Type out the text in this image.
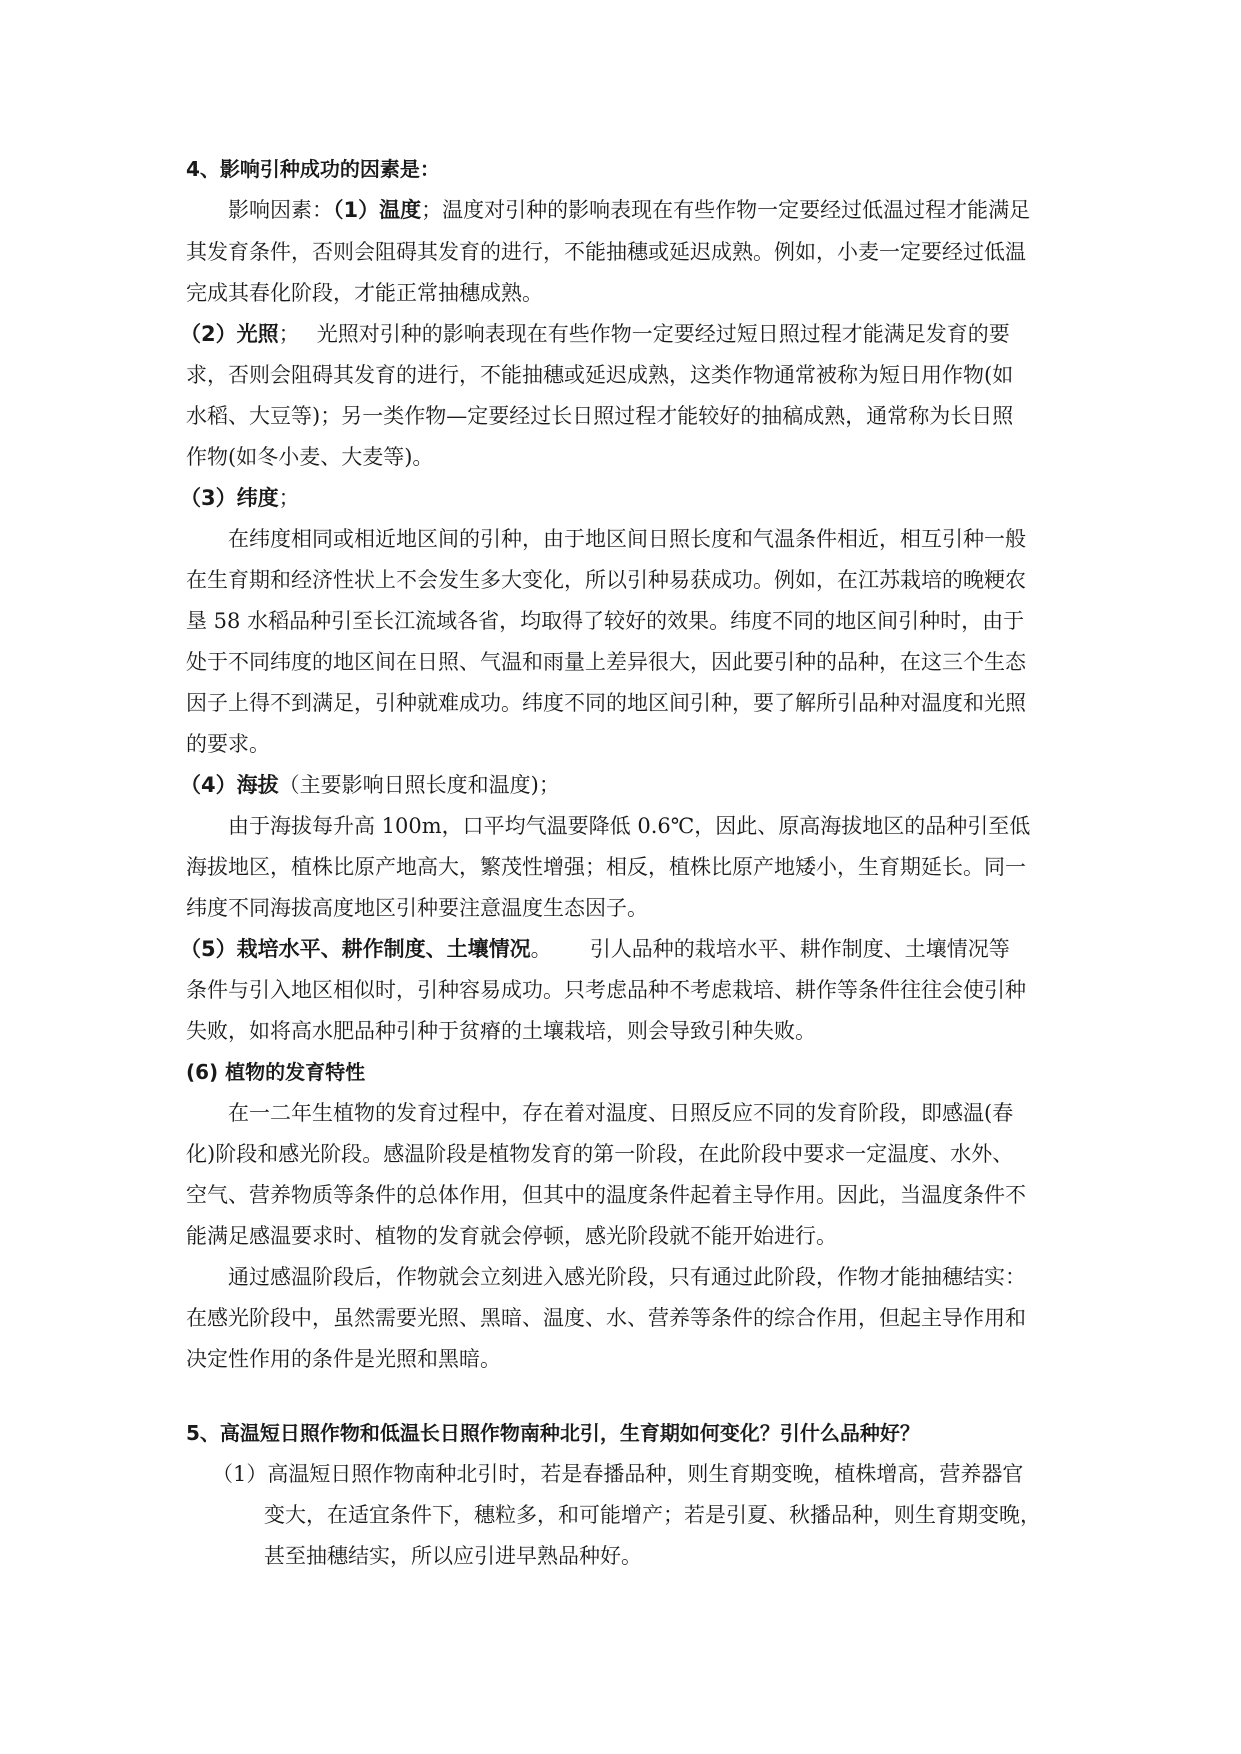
4、影响引种成功的因素是：
影响因素：（1）温度；温度对引种的影响表现在有些作物一定要经过低温过程才能满足
其发育条件，否则会阻碍其发育的进行，不能抽穗或延迟成熟。例如，小麦一定要经过低温
完成其春化阶段，才能正常抽穗成熟。
（2）光照；　 光照对引种的影响表现在有些作物一定要经过短日照过程才能满足发育的要
求，否则会阻碍其发育的进行，不能抽穗或延迟成熟，这类作物通常被称为短日用作物(如
水稻、大豆等)；另一类作物—定要经过长日照过程才能较好的抽稿成熟，通常称为长日照
作物(如冬小麦、大麦等)。
（3）纬度；
在纬度相同或相近地区间的引种，由于地区间日照长度和气温条件相近，相互引种一般
在生育期和经济性状上不会发生多大变化，所以引种易获成功。例如，在江苏栽培的晚粳农
垦 58 水稻品种引至长江流域各省，均取得了较好的效果。纬度不同的地区间引种时，由于
处于不同纬度的地区间在日照、气温和雨量上差异很大，因此要引种的品种，在这三个生态
因子上得不到满足，引种就难成功。纬度不同的地区间引种，要了解所引品种对温度和光照
的要求。
（4）海拔（主要影响日照长度和温度)；
由于海拔每升高 100m，口平均气温要降低 0.6℃，因此、原高海拔地区的品种引至低
海拔地区，植株比原产地高大，繁茂性增强；相反，植株比原产地矮小，生育期延长。同一
纬度不同海拔高度地区引种要注意温度生态因子。
（5）栽培水平、耕作制度、土壤情况。　　 引人品种的栽培水平、耕作制度、土壤情况等
条件与引入地区相似时，引种容易成功。只考虑品种不考虑栽培、耕作等条件往往会使引种
失败，如将高水肥品种引种于贫瘠的土壤栽培，则会导致引种失败。
(6) 植物的发育特性
在一二年生植物的发育过程中，存在着对温度、日照反应不同的发育阶段，即感温(春
化)阶段和感光阶段。感温阶段是植物发育的第一阶段，在此阶段中要求一定温度、水外、
空气、营养物质等条件的总体作用，但其中的温度条件起着主导作用。因此，当温度条件不
能满足感温要求时、植物的发育就会停顿，感光阶段就不能开始进行。
通过感温阶段后，作物就会立刻进入感光阶段，只有通过此阶段，作物才能抽穗结实：
在感光阶段中，虽然需要光照、黑暗、温度、水、营养等条件的综合作用，但起主导作用和
决定性作用的条件是光照和黑暗。
5、高温短日照作物和低温长日照作物南种北引，生育期如何变化？引什么品种好？
（1）高温短日照作物南种北引时，若是春播品种，则生育期变晚，植株增高，营养器官
变大，在适宜条件下，穗粒多，和可能增产；若是引夏、秋播品种，则生育期变晚，
甚至抽穗结实，所以应引进早熟品种好。
